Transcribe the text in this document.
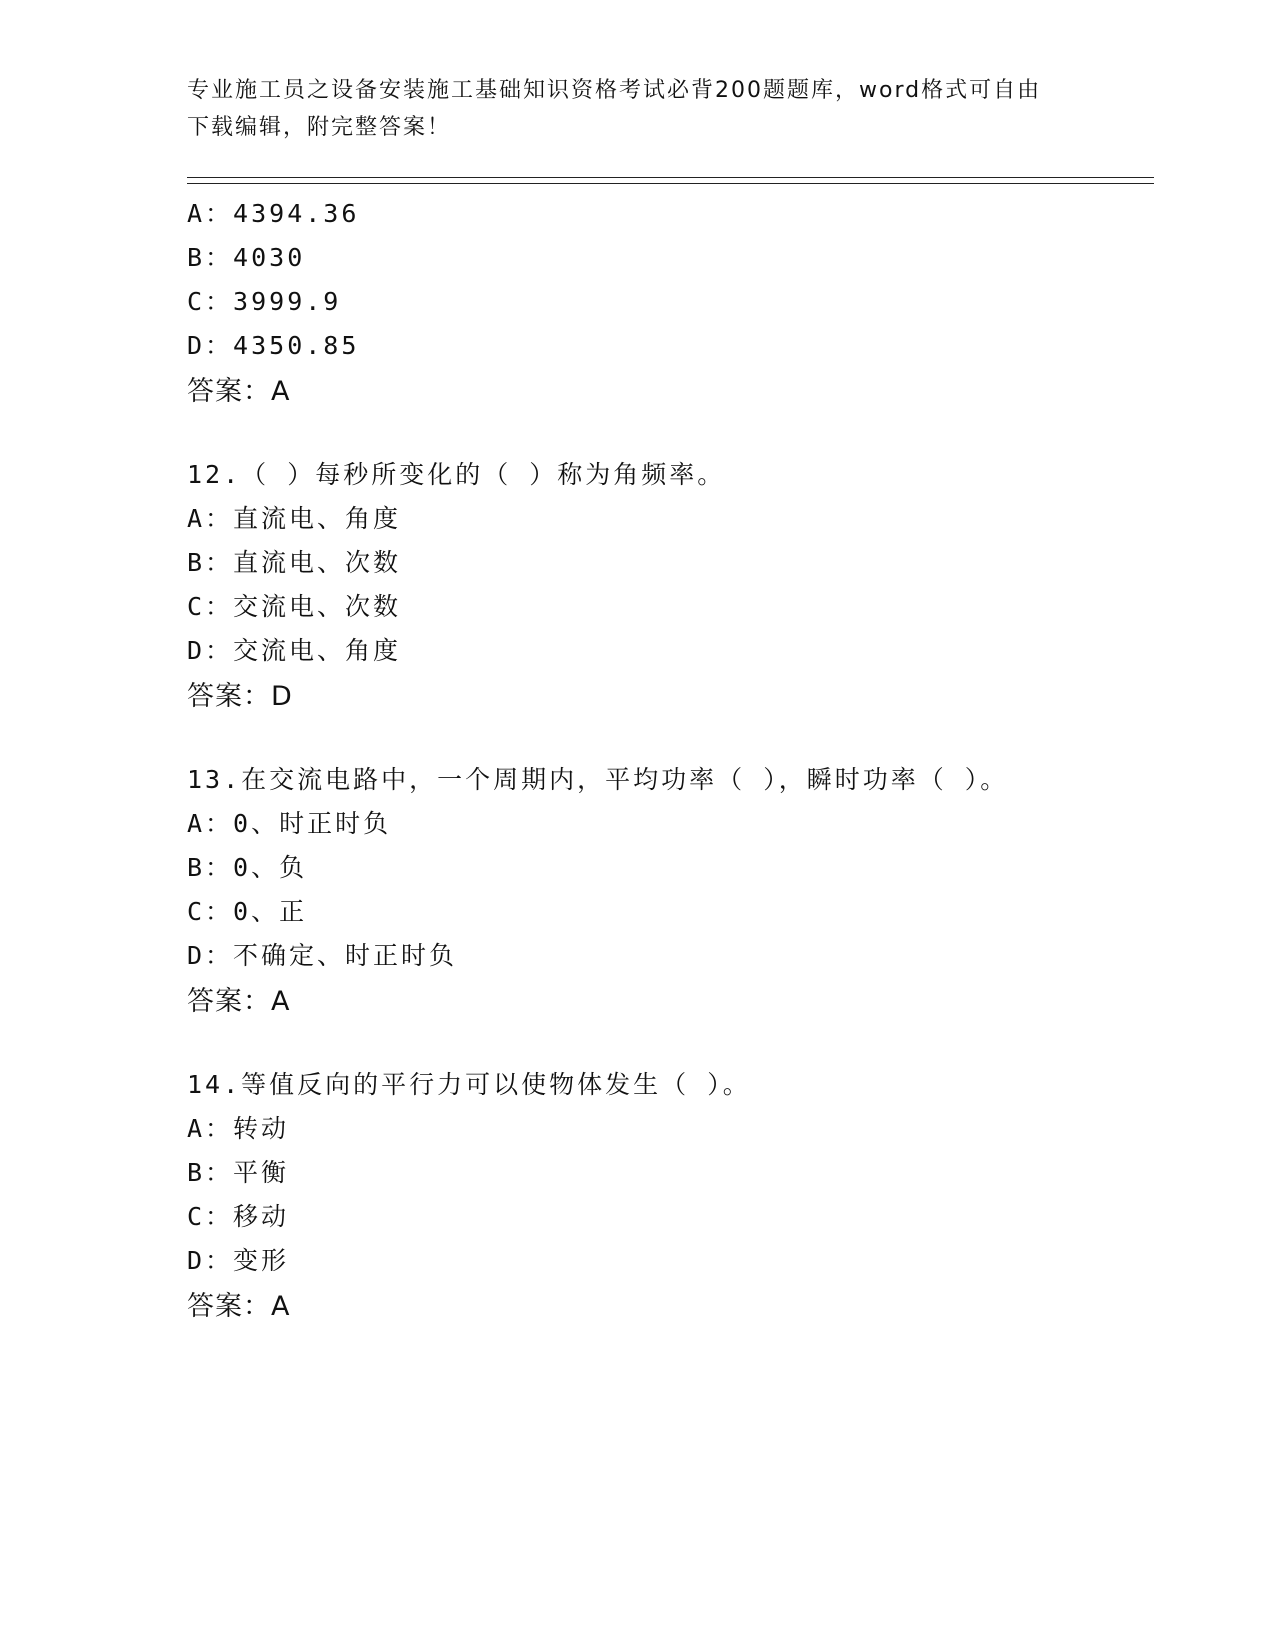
专业施工员之设备安装施工基础知识资格考试必背200题题库，word格式可自由
下载编辑，附完整答案！
A：4394.36
B：4030
C：3999.9
D：4350.85
答案：A
12.（ ）每秒所变化的（ ）称为角频率。
A：直流电、角度
B：直流电、次数
C：交流电、次数
D：交流电、角度
答案：D
13.在交流电路中，一个周期内，平均功率（ ），瞬时功率（ ）。
A：0、时正时负
B：0、负
C：0、正
D：不确定、时正时负
答案：A
14.等值反向的平行力可以使物体发生（ ）。
A：转动
B：平衡
C：移动
D：变形
答案：A
